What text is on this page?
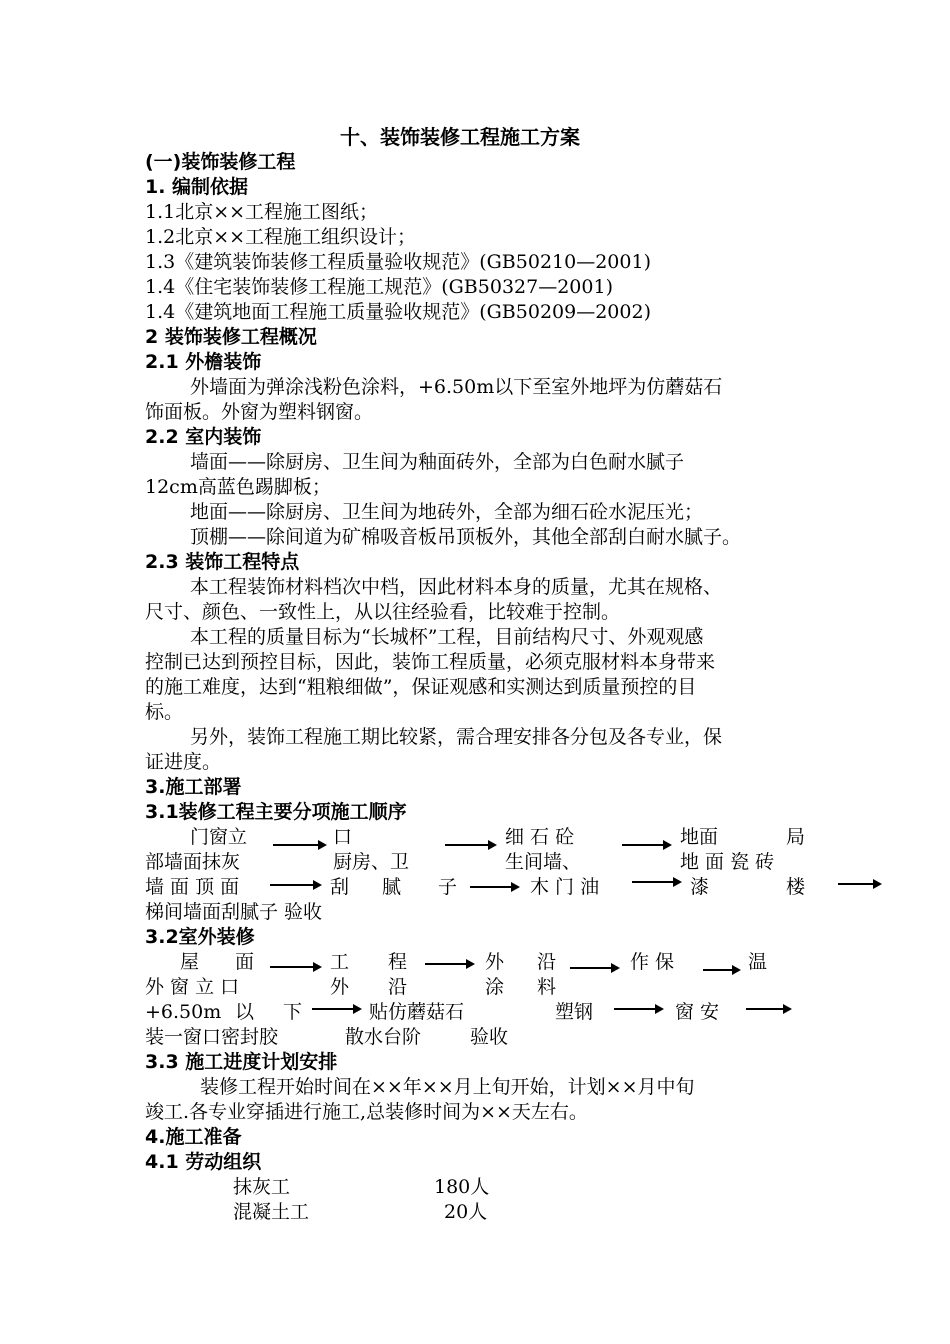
十、装饰装修工程施工方案
(一)装饰装修工程
1. 编制依据
1.1北京××工程施工图纸；
1.2北京××工程施工组织设计；
1.3《建筑装饰装修工程质量验收规范》(GB50210—2001)
1.4《住宅装饰装修工程施工规范》(GB50327—2001)
1.4《建筑地面工程施工质量验收规范》(GB50209—2002)
2 装饰装修工程概况
2.1 外檐装饰
外墙面为弹涂浅粉色涂料，+6.50m以下至室外地坪为仿蘑菇石
饰面板。外窗为塑料钢窗。
2.2 室内装饰
墙面——除厨房、卫生间为釉面砖外，全部为白色耐水腻子
12cm高蓝色踢脚板；
地面——除厨房、卫生间为地砖外，全部为细石砼水泥压光；
顶棚——除间道为矿棉吸音板吊顶板外，其他全部刮白耐水腻子。
2.3 装饰工程特点
本工程装饰材料档次中档，因此材料本身的质量，尤其在规格、
尺寸、颜色、一致性上，从以往经验看，比较难于控制。
本工程的质量目标为“长城杯”工程，目前结构尺寸、外观观感
控制已达到预控目标，因此，装饰工程质量，必须克服材料本身带来
的施工难度，达到“粗粮细做”，保证观感和实测达到质量预控的目
标。
另外，装饰工程施工期比较紧，需合理安排各分包及各专业，保
证进度。
3.施工部署
3.1装修工程主要分项施工顺序
门窗立	口	细 石 砼	地面	局
部墙面抹灰	厨房、卫	生间墙、	地 面 瓷 砖
墙 面 顶 面	刮 腻 子	木 门 油	漆	楼
梯间墙面刮腻子 验收
3.2室外装修
屋 面	工 程	外 沿	作 保	温
外 窗 立 口	外 沿	涂 料
+6.50m 以 下	贴仿蘑菇石	塑钢	窗 安
装一窗口密封胶	散水台阶	验收
3.3 施工进度计划安排
装修工程开始时间在××年××月上旬开始，计划××月中旬
竣工.各专业穿插进行施工,总装修时间为××天左右。
4.施工准备
4.1 劳动组织
抹灰工	180人
混凝土工	20人
